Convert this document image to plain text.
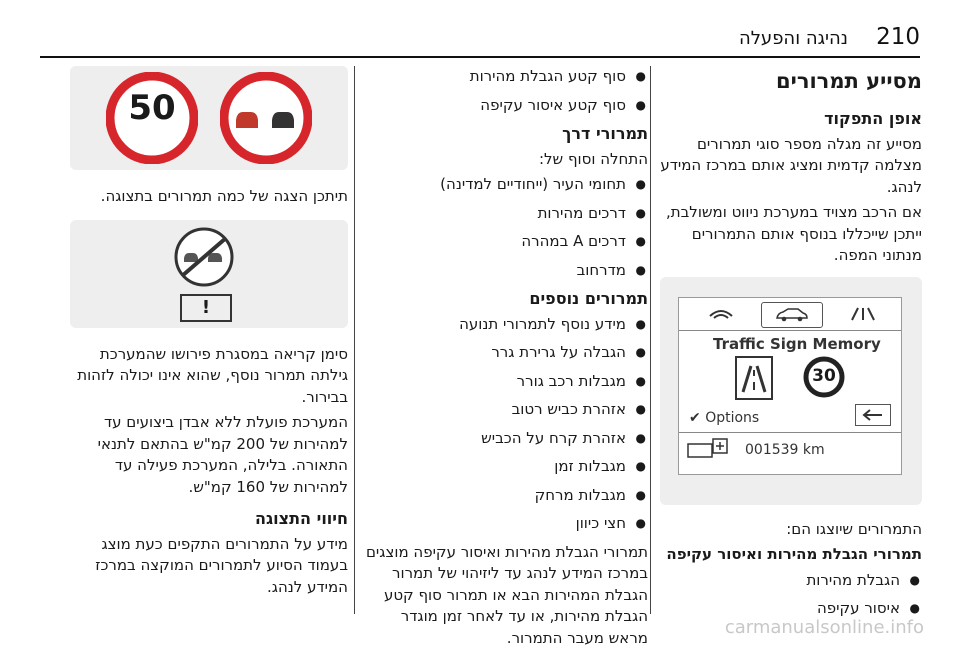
210
נהיגה והפעלה
מסייע תמרורים
אופן התפקוד

מסייע זה מגלה מספר סוגי תמרורים מצלמה קדמית ומציג אותם במרכז המידע לנהג.

אם הרכב מצויד במערכת ניווט ומשולבת, ייתכן שייכללו בנוסף אותם התמרורים מנתוני המפה.

Traffic Sign Memory
30
✔ Options
001539 km

התמרורים שיוצגו הם:

תמרורי הגבלת מהירות ואיסור עקיפה

● הגבלת מהירות
● איסור עקיפה
● סוף קטע הגבלת מהירות
● סוף קטע איסור עקיפה
תמרורי דרך

התחלה וסוף של:

● תחומי העיר (ייחודיים למדינה)
● דרכים מהירות
● דרכים A במהרה
● מדרחוב
תמרורים נוספים
● מידע נוסף לתמרורי תנועה
● הגבלה על גרירת גרר
● מגבלות רכב גורר
● אזהרת כביש רטוב
● אזהרת קרח על הכביש
● מגבלות זמן
● מגבלות מרחק
● חצי כיוון

תמרורי הגבלת מהירות ואיסור עקיפה מוצגים במרכז המידע לנהג עד ליזיהוי של תמרור הגבלת המהירות הבא או תמרור סוף קטע הגבלת מהירות, או עד לאחר זמן מוגדר מראש מעבר התמרור.

50

תיתכן הצגה של כמה תמרורים בתצוגה.

!

סימן קריאה במסגרת פירושו שהמערכת גילתה תמרור נוסף, שהוא אינו יכולה לזהות בבירור.

המערכת פועלת ללא אבדן ביצועים עד למהירות של 200 קמ"ש בהתאם לתנאי התאורה. בלילה, המערכת פעילה עד למהירות של 160 קמ"ש.

חיווי התצוגה

מידע על התמרורים התקפים כעת מוצג בעמוד הסיוע לתמרורים המוקצה במרכז המידע לנהג.

carmanualsonline.info
